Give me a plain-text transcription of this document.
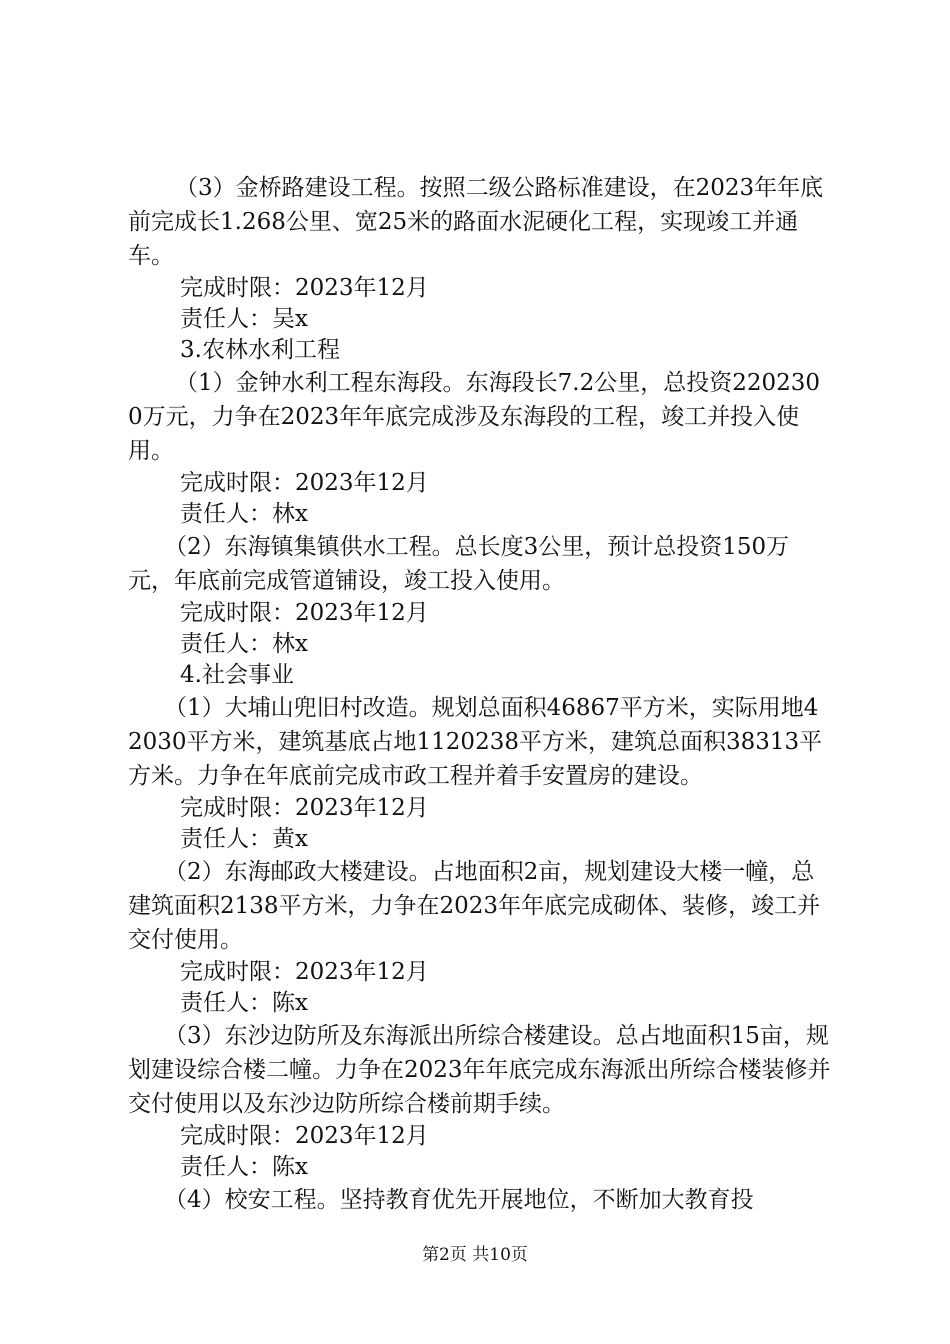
（3）金桥路建设工程。按照二级公路标准建设，在2023年年底前完成长1.268公里、宽25米的路面水泥硬化工程，实现竣工并通车。

完成时限：2023年12月

责任人：吴x

3.农林水利工程

（1）金钟水利工程东海段。东海段长7.2公里，总投资2202300万元，力争在2023年年底完成涉及东海段的工程，竣工并投入使用。

完成时限：2023年12月

责任人：林x

（2）东海镇集镇供水工程。总长度3公里，预计总投资150万元，年底前完成管道铺设，竣工投入使用。

完成时限：2023年12月

责任人：林x

4.社会事业

（1）大埔山兜旧村改造。规划总面积46867平方米，实际用地42030平方米，建筑基底占地1120238平方米，建筑总面积38313平方米。力争在年底前完成市政工程并着手安置房的建设。

完成时限：2023年12月

责任人：黄x

（2）东海邮政大楼建设。占地面积2亩，规划建设大楼一幢，总建筑面积2138平方米，力争在2023年年底完成砌体、装修，竣工并交付使用。

完成时限：2023年12月

责任人：陈x

（3）东沙边防所及东海派出所综合楼建设。总占地面积15亩，规划建设综合楼二幢。力争在2023年年底完成东海派出所综合楼装修并交付使用以及东沙边防所综合楼前期手续。

完成时限：2023年12月

责任人：陈x

（4）校安工程。坚持教育优先开展地位，不断加大教育投

第2页 共10页
